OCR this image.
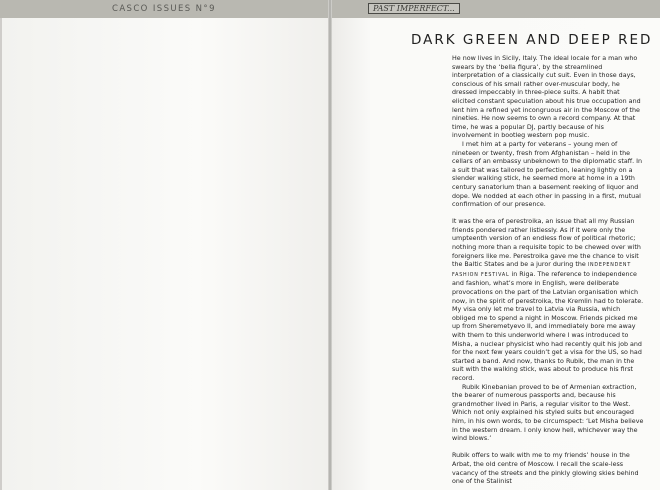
CASCO ISSUES N°9	PAST IMPERFECT...
DARK GREEN AND DEEP RED

He now lives in Sicily, Italy. The ideal locale for a man who swears by the ‘bella figura’, by the streamlined interpretation of a classically cut suit. Even in those days, conscious of his small rather over-muscular body, he dressed impeccably in three-piece suits. A habit that elicited constant speculation about his true occupation and lent him a refined yet incongruous air in the Moscow of the nineties. He now seems to own a record company. At that time, he was a popular DJ, partly because of his involvement in bootleg western pop music.

I met him at a party for veterans – young men of nineteen or twenty, fresh from Afghanistan – held in the cellars of an embassy unbeknown to the diplomatic staff. In a suit that was tailored to perfection, leaning lightly on a slender walking stick, he seemed more at home in a 19th century sanatorium than a basement reeking of liquor and dope. We nodded at each other in passing in a first, mutual confirmation of our presence.

It was the era of perestroika, an issue that all my Russian friends pondered rather listlessly. As if it were only the umpteenth version of an endless flow of political rhetoric; nothing more than a requisite topic to be chewed over with foreigners like me. Perestroika gave me the chance to visit the Baltic States and be a juror during the INDEPENDENT FASHION FESTIVAL in Riga. The reference to independence and fashion, what’s more in English, were deliberate provocations on the part of the Latvian organisation which now, in the spirit of perestroika, the Kremlin had to tolerate. My visa only let me travel to Latvia via Russia, which obliged me to spend a night in Moscow. Friends picked me up from Sheremetyevo II, and immediately bore me away with them to this underworld where I was introduced to Misha, a nuclear physicist who had recently quit his job and for the next few years couldn’t get a visa for the US, so had started a band. And now, thanks to Rubik, the man in the suit with the walking stick, was about to produce his first record.

Rubik Kinebanian proved to be of Armenian extraction, the bearer of numerous passports and, because his grandmother lived in Paris, a regular visitor to the West. Which not only explained his styled suits but encouraged him, in his own words, to be circumspect: ‘Let Misha believe in the western dream. I only know hell, whichever way the wind blows.’

Rubik offers to walk with me to my friends’ house in the Arbat, the old centre of Moscow. I recall the scale-less vacancy of the streets and the pinkly glowing skies behind one of the Stalinist
